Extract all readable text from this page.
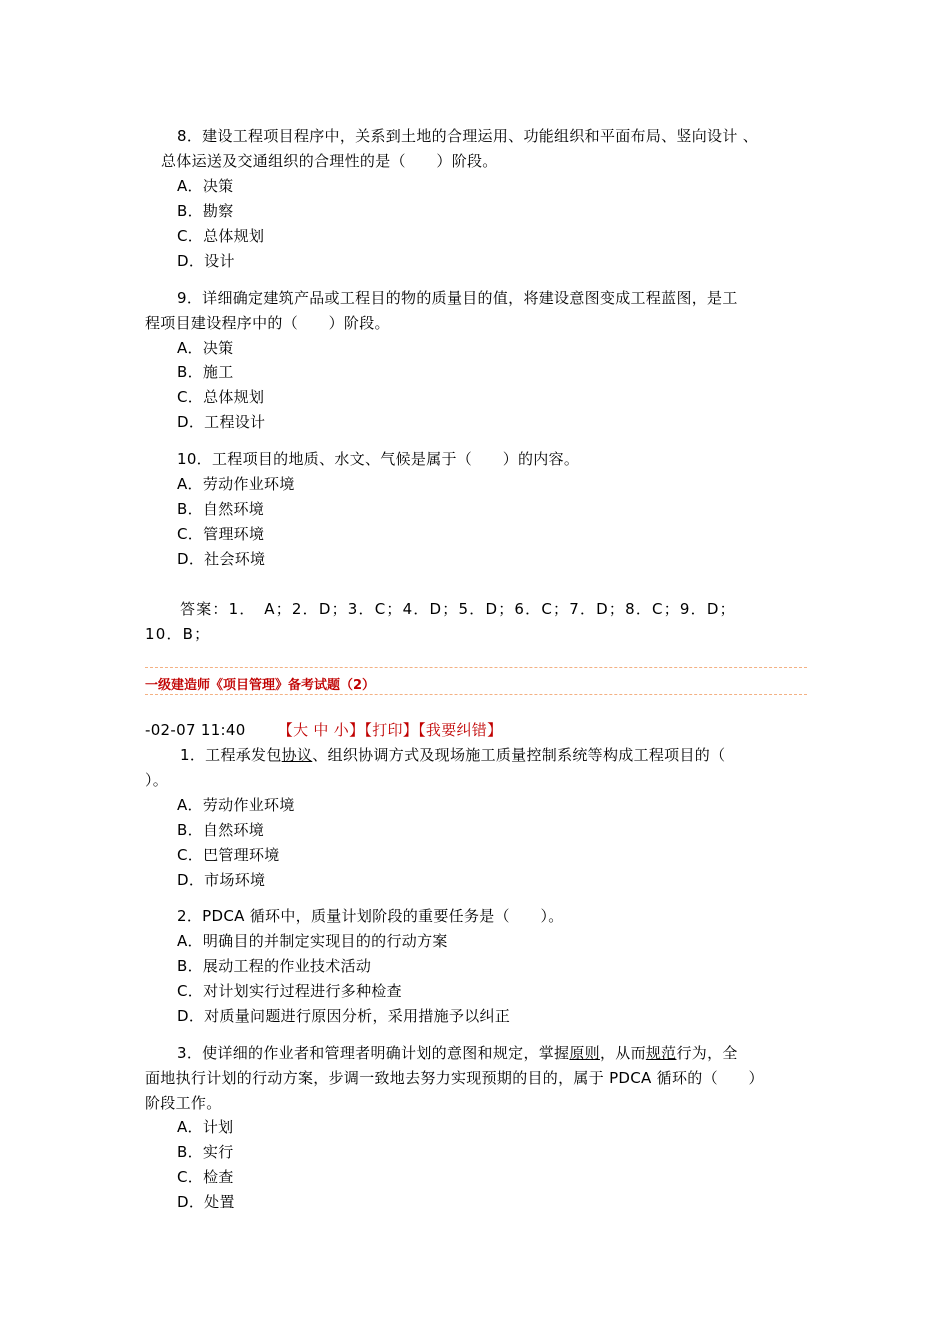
8．建设工程项目程序中，关系到土地的合理运用、功能组织和平面布局、竖向设计 、
总体运送及交通组织的合理性的是（　　）阶段。
A．决策
B．勘察
C．总体规划
D．设计
9．详细确定建筑产品或工程目的物的质量目的值，将建设意图变成工程蓝图，是工
程项目建设程序中的（　　）阶段。
A．决策
B．施工
C．总体规划
D．工程设计
10．工程项目的地质、水文、气候是属于（　　）的内容。
A．劳动作业环境
B．自然环境
C．管理环境
D．社会环境
答案：1．　A；2．D；3．C；4．D；5．D；6．C；7．D；8．C；9．D；
10．B；
一级建造师《项目管理》备考试题（2）
-02-07 11:40 【大 中 小】【打印】【我要纠错】
1．工程承发包协议、组织协调方式及现场施工质量控制系统等构成工程项目的（
）。
A．劳动作业环境
B．自然环境
C．巴管理环境
D．市场环境
2．PDCA 循环中，质量计划阶段的重要任务是（　　）。
A．明确目的并制定实现目的的行动方案
B．展动工程的作业技术活动
C．对计划实行过程进行多种检查
D．对质量问题进行原因分析，采用措施予以纠正
3．使详细的作业者和管理者明确计划的意图和规定，掌握原则，从而规范行为，全
面地执行计划的行动方案，步调一致地去努力实现预期的目的，属于 PDCA 循环的（　　）
阶段工作。
A．计划
B．实行
C．检查
D．处置
